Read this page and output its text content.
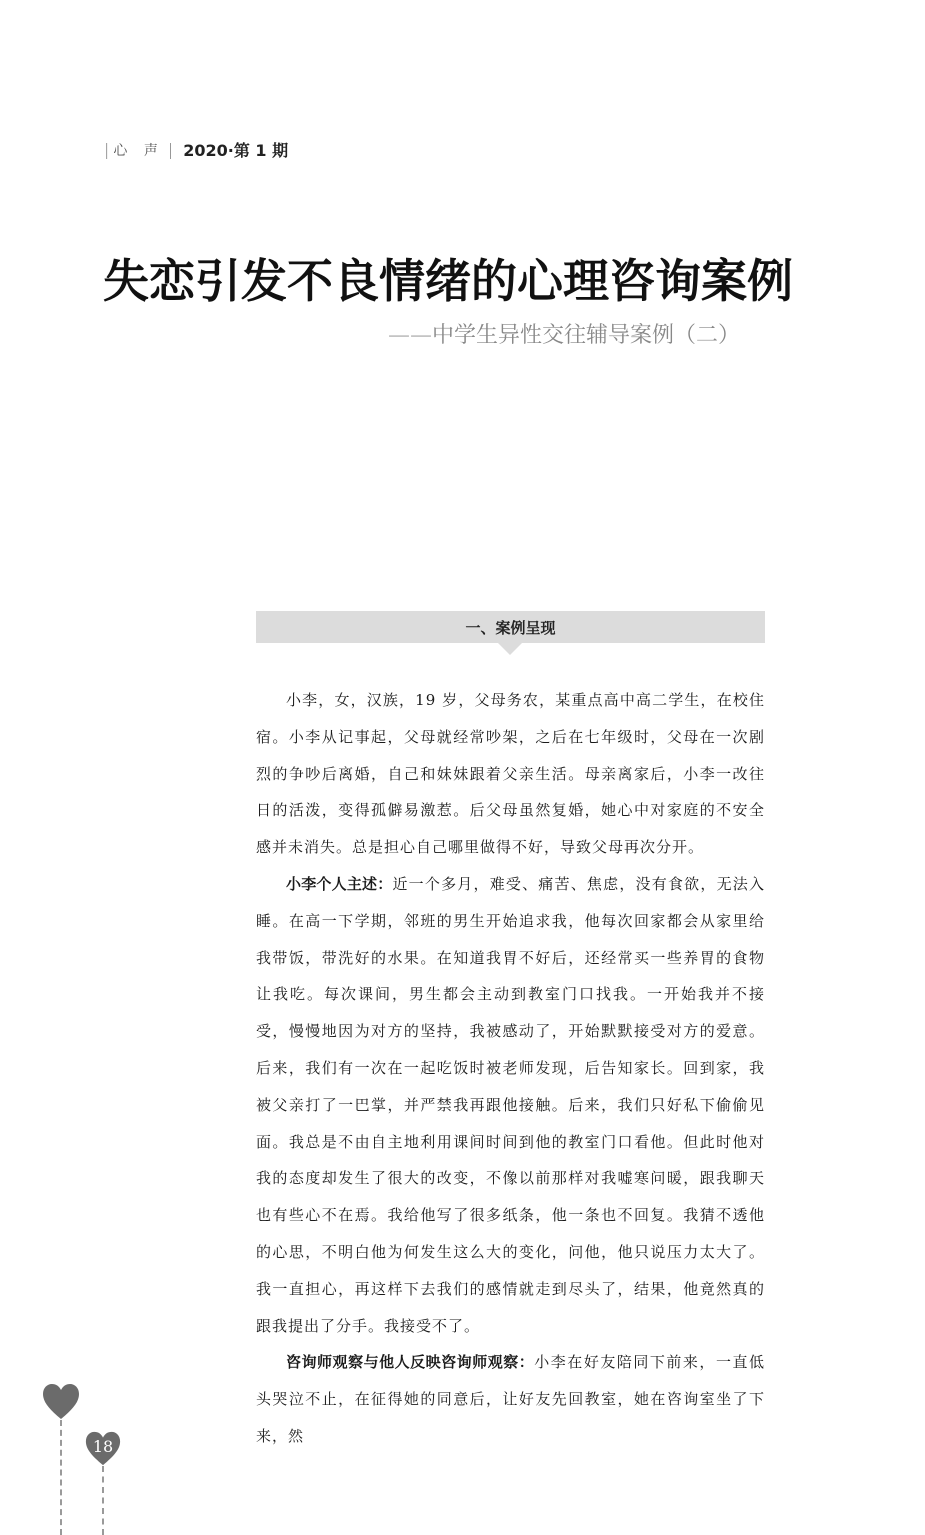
| 心 声 | 2020·第 1 期
失恋引发不良情绪的心理咨询案例
——中学生异性交往辅导案例（二）
一、案例呈现

小李，女，汉族，19 岁，父母务农，某重点高中高二学生，在校住宿。小李从记事起，父母就经常吵架，之后在七年级时，父母在一次剧烈的争吵后离婚，自己和妹妹跟着父亲生活。母亲离家后，小李一改往日的活泼，变得孤僻易激惹。后父母虽然复婚，她心中对家庭的不安全感并未消失。总是担心自己哪里做得不好，导致父母再次分开。

小李个人主述：近一个多月，难受、痛苦、焦虑，没有食欲，无法入睡。在高一下学期，邻班的男生开始追求我，他每次回家都会从家里给我带饭，带洗好的水果。在知道我胃不好后，还经常买一些养胃的食物让我吃。每次课间，男生都会主动到教室门口找我。一开始我并不接受，慢慢地因为对方的坚持，我被感动了，开始默默接受对方的爱意。后来，我们有一次在一起吃饭时被老师发现，后告知家长。回到家，我被父亲打了一巴掌，并严禁我再跟他接触。后来，我们只好私下偷偷见面。我总是不由自主地利用课间时间到他的教室门口看他。但此时他对我的态度却发生了很大的改变，不像以前那样对我嘘寒问暖，跟我聊天也有些心不在焉。我给他写了很多纸条，他一条也不回复。我猜不透他的心思，不明白他为何发生这么大的变化，问他，他只说压力太大了。我一直担心，再这样下去我们的感情就走到尽头了，结果，他竟然真的跟我提出了分手。我接受不了。

咨询师观察与他人反映咨询师观察：小李在好友陪同下前来，一直低头哭泣不止，在征得她的同意后，让好友先回教室，她在咨询室坐了下来，然

18
